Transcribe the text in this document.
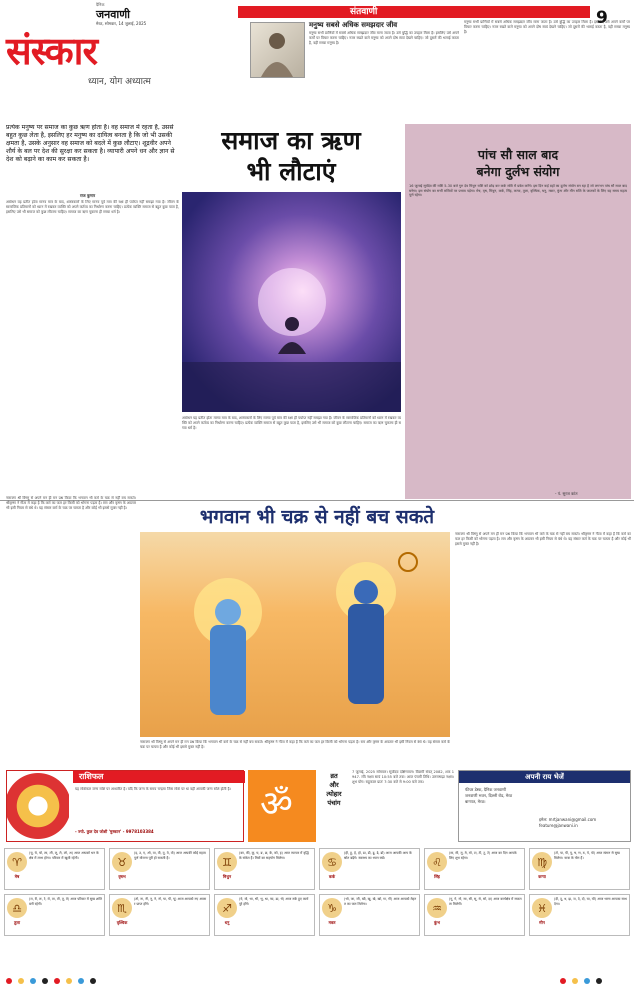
दैनिक
जनवाणी
मेरठ, सोमवार, 14 जुलाई, 2025
संतवाणी	9
संस्कार
ध्यान, योग अध्यात्म
मनुष्य सबसे अधिक समझदार जीव
मनुष्य सभी प्राणियों में सबसे अधिक समझदार जीव माना जाता है। उसे बुद्धि का उपहार मिला है। इसलिए उसे अपने कर्मों पर विचार करना चाहिए। नजर रखते वाले मनुष्य को अपने दोष स्वयं देखने चाहिए। जो दूसरों की भलाई करता है, वही सच्चा मनुष्य है।
मनुष्य सभी प्राणियों में सबसे अधिक समझदार जीव माना जाता है। उसे बुद्धि का उपहार मिला है। इसलिए उसे अपने कर्मों पर विचार करना चाहिए। नजर रखते वाले मनुष्य को अपने दोष स्वयं देखने चाहिए। जो दूसरों की भलाई करता है, वही सच्चा मनुष्य है।
प्रत्येक मनुष्य पर समाज का कुछ ऋण होता है। वह समाज में रहता है, उससे बहुत कुछ लेता है, इसलिए हर मनुष्य का दायित्व बनता है कि जो भी उसकी क्षमता है, उसके अनुसार वह समाज को बदले में कुछ लौटाए। शूद्रवीर अपने शौर्य के बल पर देश की सुरक्षा कर सकता है। व्यापारी अपने धन और ज्ञान से देश को बढ़ाने का काम कर सकता है।
समाज का ऋण
भी लौटाएं
पांच सौ साल बाद
बनेगा दुर्लभ संयोग
16 जुलाई सूर्यदेव की राशि 5-30 बजे गुरु देव मिथुन राशि को छोड़ कर कर्क राशि में प्रवेश करेंगे। इस दिन कई ग्रहों का दुर्लभ संयोग बन रहा है जो लगभग पांच सौ साल बाद बनेगा। इस संयोग का सभी राशियों पर प्रभाव पड़ेगा। मेष, वृष, मिथुन, कर्क, सिंह, कन्या, तुला, वृश्चिक, धनु, मकर, कुंभ और मीन राशि के जातकों के लिए यह समय महत्वपूर्ण रहेगा।
- पं. सुरज कांत
राज कुमार
अबोधन यह प्रतीत होता मानव मात्र के बाद, शास्त्रकारों के लिए मानव पूर्व मात्र की रक्षा ही पर्याप्त नहीं समझा गया है। जीवन के सामाजिक प्रतिमानों को ध्यान में रखकर व्यक्ति को अपने कर्तव्य का निर्धारण करना चाहिए। प्रत्येक व्यक्ति समाज से बहुत कुछ पाता है, इसलिए उसे भी समाज को कुछ लौटाना चाहिए। समाज का ऋण चुकाना ही सच्चा धर्म है।
अबोधन यह प्रतीत होता मानव मात्र के बाद, शास्त्रकारों के लिए मानव पूर्व मात्र की रक्षा ही पर्याप्त नहीं समझा गया है। जीवन के सामाजिक प्रतिमानों को ध्यान में रखकर व्यक्ति को अपने कर्तव्य का निर्धारण करना चाहिए। प्रत्येक व्यक्ति समाज से बहुत कुछ पाता है, इसलिए उसे भी समाज को कुछ लौटाना चाहिए। समाज का ऋण चुकाना ही सच्चा धर्म है।
भगवान भी चक्र से नहीं बच सकते
नारायण श्री विष्णु से अपने मन ही मन प्रश्न किया कि भगवान भी कर्म के चक्र से नहीं बच सकते। श्रीकृष्ण ने गीता में कहा है कि कर्म का फल हर किसी को भोगना पड़ता है। राम और कृष्ण के अवतार भी इसी नियम से बंधे थे। यह संसार कर्म के चक्र पर चलता है और कोई भी इससे मुक्त नहीं है।
नारायण श्री विष्णु से अपने मन ही मन प्रश्न किया कि भगवान भी कर्म के चक्र से नहीं बच सकते। श्रीकृष्ण ने गीता में कहा है कि कर्म का फल हर किसी को भोगना पड़ता है। राम और कृष्ण के अवतार भी इसी नियम से बंधे थे। यह संसार कर्म के चक्र पर चलता है और कोई भी इससे मुक्त नहीं है।
नारायण श्री विष्णु से अपने मन ही मन प्रश्न किया कि भगवान भी कर्म के चक्र से नहीं बच सकते। श्रीकृष्ण ने गीता में कहा है कि कर्म का फल हर किसी को भोगना पड़ता है। राम और कृष्ण के अवतार भी इसी नियम से बंधे थे। यह संसार कर्म के चक्र पर चलता है और कोई भी इससे मुक्त नहीं है।
राशिफल
यह राशिफल जन्म राशि पर आधारित है। यदि कि जन्म के समय चन्द्रमा जिस राशि पर था वही आपकी जन्म राशि होती है।
- ज्यो. कुल देव जोशी 'मुस्कान' - 9978103384
ॐ
व्रत
और
त्योहार
पंचांग
7 जुलाई, 2025 सोमवार। सूर्योदय दक्षिणायन। विक्रमी संवत् 2082, शक 1947. रवि नक्षत्र सायं 10:55 बजे तक। आज पंचमी तिथि। उत्तराषाढ़ा नक्षत्र। शुभ योग। राहुकाल प्रातः 7:30 बजे से 9:00 बजे तक।
अपनी राय भेजें
फीचर डेस्क, दैनिक जनवाणी
जनवाणी भवन, दिल्ली रोड, मेरठ
बागपत, मेरठ।
इमेल: mrtjanwani@gmail.com
feature@janwani.in
♈
मेष
(चू, चे, चो, ला, ली, लू, ले, लो, अ) आज आपको धन के क्षेत्र में लाभ होगा। परिवार में खुशी रहेगी।	♉
वृषभ
(इ, उ, ए, ओ, वा, वी, वू, वे, वो) आज आपकी कोई महत्वपूर्ण योजना पूरी हो सकती है।	♊
मिथुन
(का, की, कू, घ, ङ, छ, के, को, ह) आज व्यापार में वृद्धि के संकेत हैं। मित्रों का सहयोग मिलेगा।	♋
कर्क
(ही, हू, हे, हो, डा, डी, डू, डे, डो) आज आपकी आय के स्रोत बढ़ेंगे। स्वास्थ्य का ध्यान रखें।	♌
सिंह
(मा, मी, मू, मे, मो, टा, टी, टू, टे) आज का दिन आपके लिए शुभ रहेगा।	♍
कन्या
(टो, पा, पी, पू, ष, ण, ठ, पे, पो) आज संतान से सुख मिलेगा। यात्रा के योग हैं।
♎
तुला
(रा, री, रू, रे, रो, ता, ती, तू, ते) आज परिवार में सुख शांति बनी रहेगी।	♏
वृश्चिक
(तो, ना, नी, नू, ने, नो, या, यी, यू) आज आपको नए अवसर प्राप्त होंगे।	♐
धनु
(ये, यो, भा, भी, भू, धा, फा, ढा, भे) आज रुके हुए कार्य पूरे होंगे।	♑
मकर
(भो, जा, जी, खी, खू, खे, खो, गा, गी) आज आपको मेहनत का फल मिलेगा।	♒
कुंभ
(गू, गे, गो, सा, सी, सू, से, सो, दा) आज कार्यक्षेत्र में सफलता मिलेगी।	♓
मीन
(दी, दू, थ, झ, ञ, दे, दो, चा, ची) आज भाग्य आपका साथ देगा।
